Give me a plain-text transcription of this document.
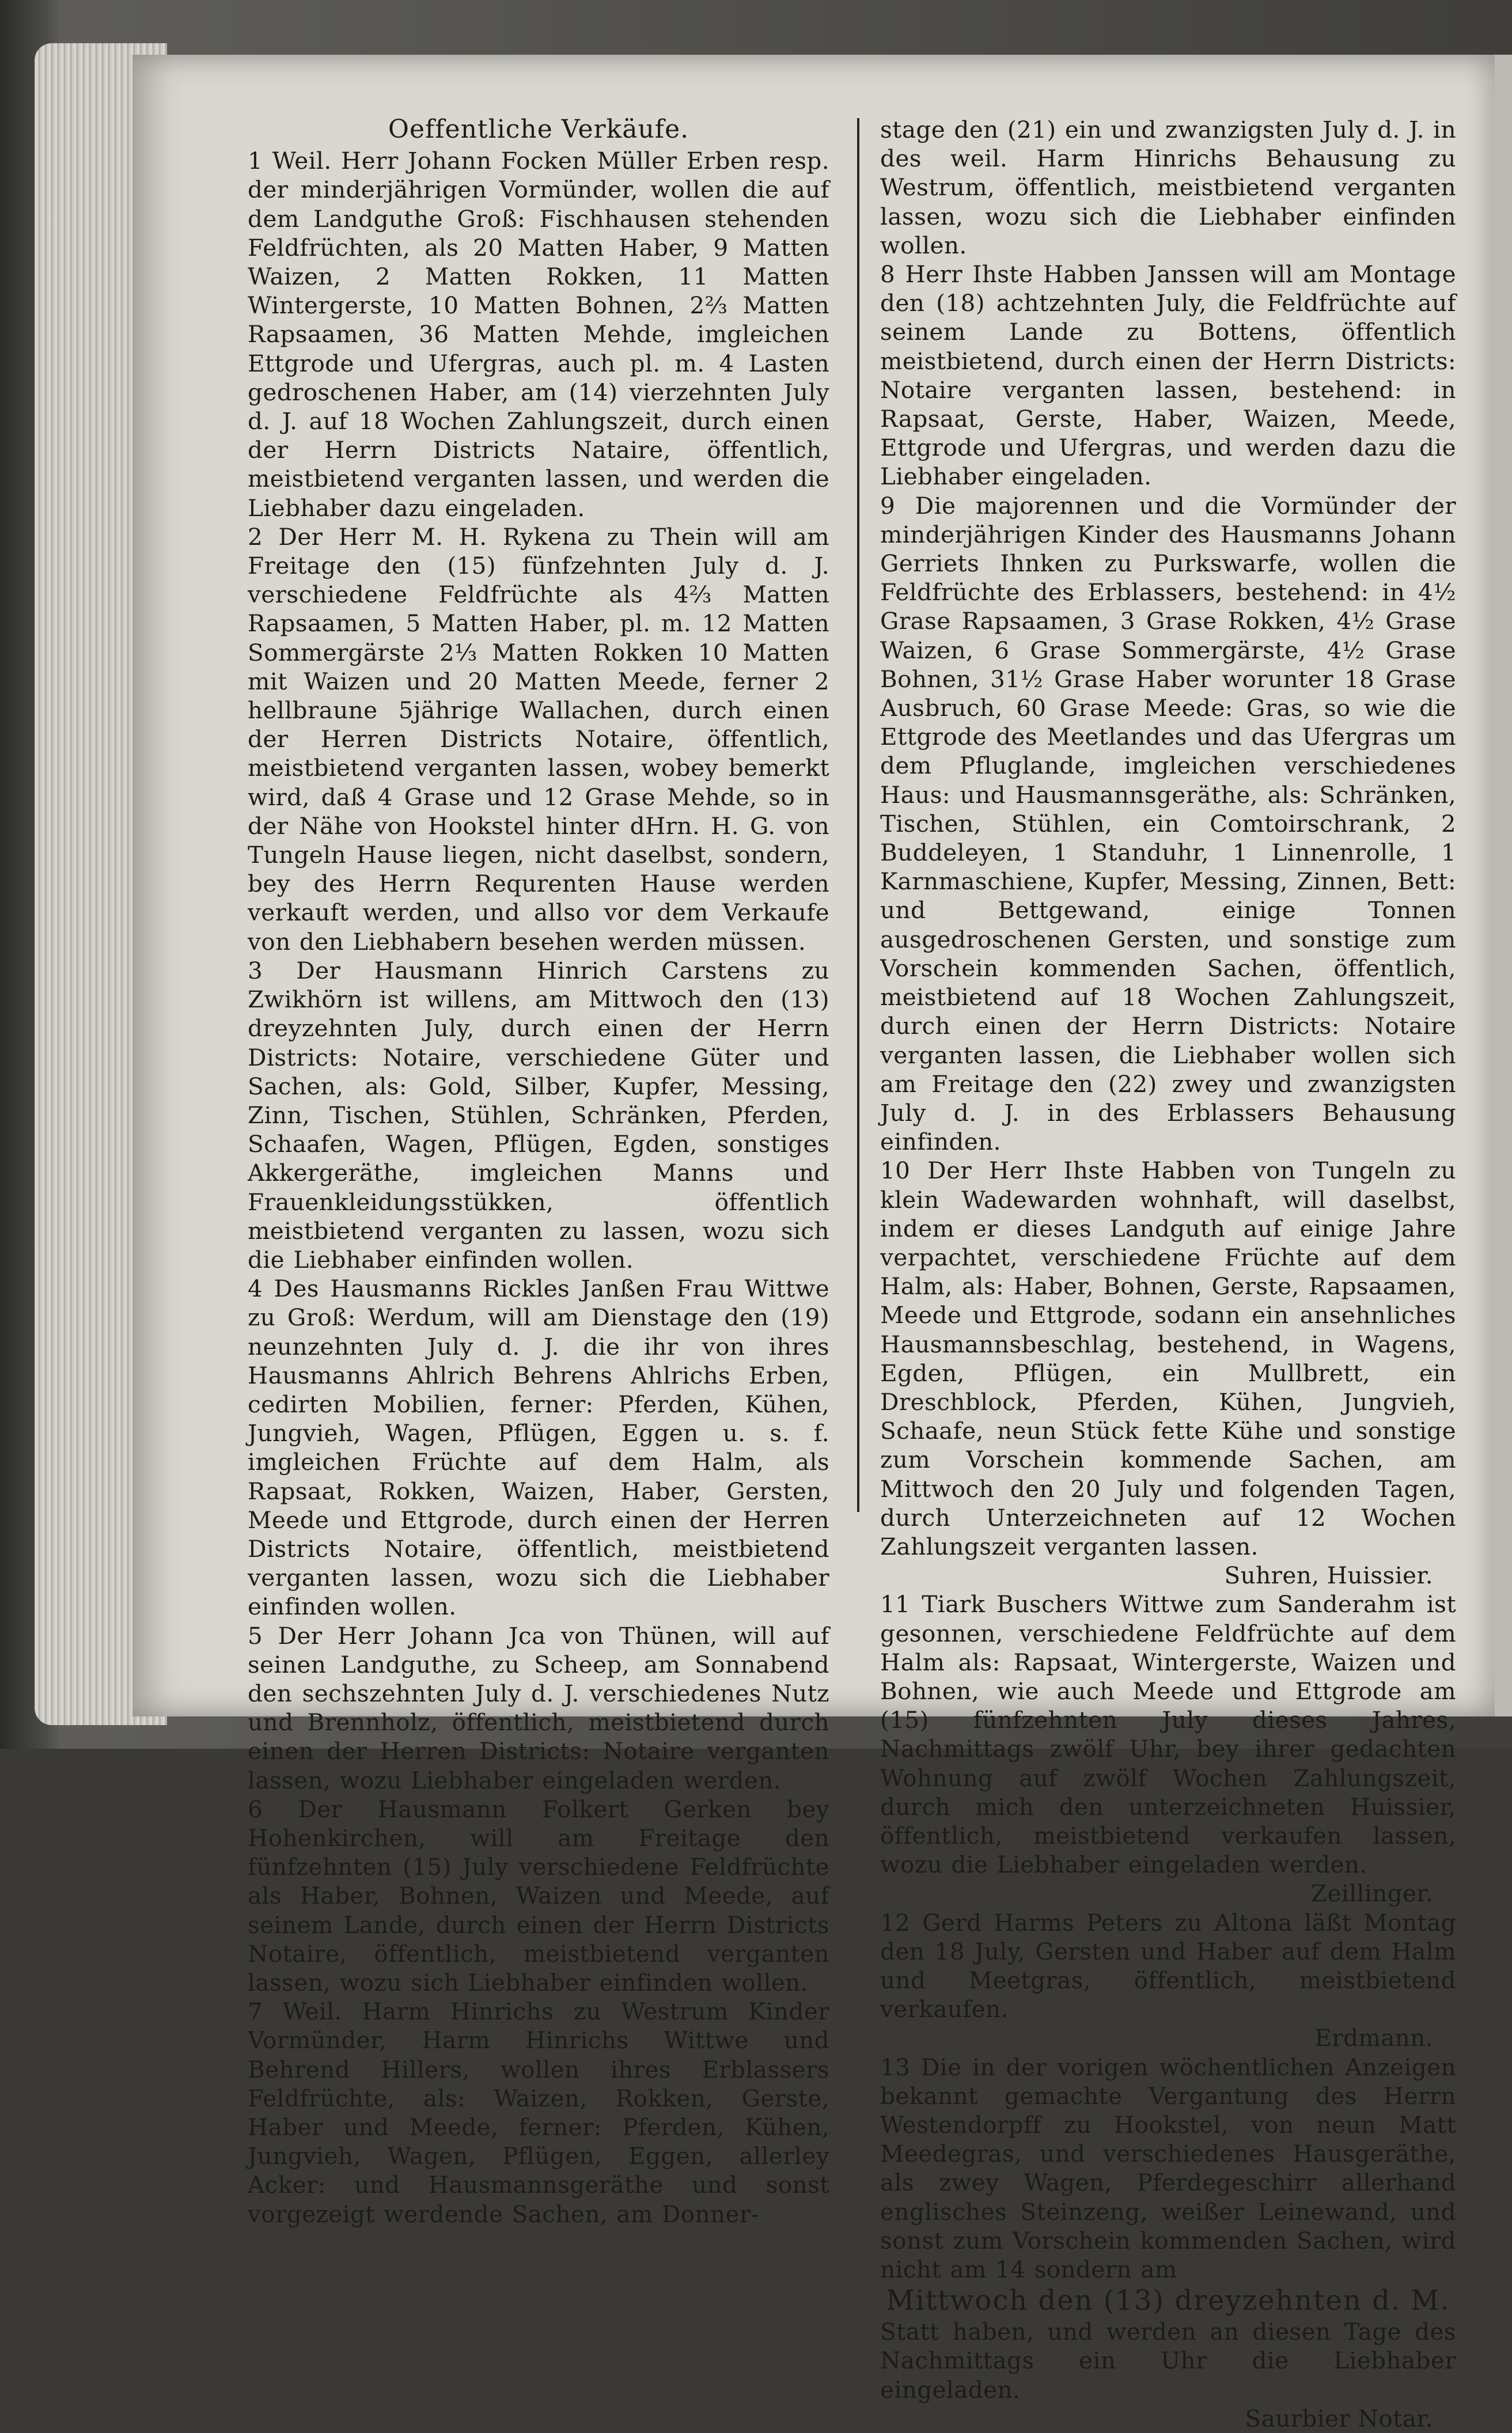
Oeffentliche Verkäufe.

1 Weil. Herr Johann Focken Müller Erben resp. der minderjährigen Vormünder, wollen die auf dem Landguthe Groß: Fischhausen stehenden Feldfrüchten, als 20 Matten Haber, 9 Matten Waizen, 2 Matten Rokken, 11 Matten Wintergerste, 10 Matten Bohnen, 2⅔ Matten Rapsaamen, 36 Matten Mehde, imgleichen Ettgrode und Ufergras, auch pl. m. 4 Lasten gedroschenen Haber, am (14) vierzehnten July d. J. auf 18 Wochen Zahlungszeit, durch einen der Herrn Districts Nataire, öffentlich, meistbietend verganten lassen, und werden die Liebhaber dazu eingeladen.

2 Der Herr M. H. Rykena zu Thein will am Freitage den (15) fünfzehnten July d. J. verschiedene Feldfrüchte als 4⅔ Matten Rapsaamen, 5 Matten Haber, pl. m. 12 Matten Sommergärste 2⅓ Matten Rokken 10 Matten mit Waizen und 20 Matten Meede, ferner 2 hellbraune 5jährige Wallachen, durch einen der Herren Districts Notaire, öffentlich, meistbietend verganten lassen, wobey bemerkt wird, daß 4 Grase und 12 Grase Mehde, so in der Nähe von Hookstel hinter dHrn. H. G. von Tungeln Hause liegen, nicht daselbst, sondern, bey des Herrn Requrenten Hause werden verkauft werden, und allso vor dem Verkaufe von den Liebhabern besehen werden müssen.

3 Der Hausmann Hinrich Carstens zu Zwikhörn ist willens, am Mittwoch den (13) dreyzehnten July, durch einen der Herrn Districts: Notaire, verschiedene Güter und Sachen, als: Gold, Silber, Kupfer, Messing, Zinn, Tischen, Stühlen, Schränken, Pferden, Schaafen, Wagen, Pflügen, Egden, sonstiges Akkergeräthe, imgleichen Manns und Frauenkleidungsstükken, öffentlich meistbietend verganten zu lassen, wozu sich die Liebhaber einfinden wollen.

4 Des Hausmanns Rickles Janßen Frau Wittwe zu Groß: Werdum, will am Dienstage den (19) neunzehnten July d. J. die ihr von ihres Hausmanns Ahlrich Behrens Ahlrichs Erben, cedirten Mobilien, ferner: Pferden, Kühen, Jungvieh, Wagen, Pflügen, Eggen u. s. f. imgleichen Früchte auf dem Halm, als Rapsaat, Rokken, Waizen, Haber, Gersten, Meede und Ettgrode, durch einen der Herren Districts Notaire, öffentlich, meistbietend verganten lassen, wozu sich die Liebhaber einfinden wollen.

5 Der Herr Johann Jca von Thünen, will auf seinen Landguthe, zu Scheep, am Sonnabend den sechszehnten July d. J. verschiedenes Nutz und Brennholz, öffentlich, meistbietend durch einen der Herren Districts: Notaire verganten lassen, wozu Liebhaber eingeladen werden.

6 Der Hausmann Folkert Gerken bey Hohenkirchen, will am Freitage den fünfzehnten (15) July verschiedene Feldfrüchte als Haber, Bohnen, Waizen und Meede, auf seinem Lande, durch einen der Herrn Districts Notaire, öffentlich, meistbietend verganten lassen, wozu sich Liebhaber einfinden wollen.

7 Weil. Harm Hinrichs zu Westrum Kinder Vormünder, Harm Hinrichs Wittwe und Behrend Hillers, wollen ihres Erblassers Feldfrüchte, als: Waizen, Rokken, Gerste, Haber und Meede, ferner: Pferden, Kühen, Jungvieh, Wagen, Pflügen, Eggen, allerley Acker: und Hausmannsgeräthe und sonst vorgezeigt werdende Sachen, am Donner-

stage den (21) ein und zwanzigsten July d. J. in des weil. Harm Hinrichs Behausung zu Westrum, öffentlich, meistbietend verganten lassen, wozu sich die Liebhaber einfinden wollen.

8 Herr Ihste Habben Janssen will am Montage den (18) achtzehnten July, die Feldfrüchte auf seinem Lande zu Bottens, öffentlich meistbietend, durch einen der Herrn Districts: Notaire verganten lassen, bestehend: in Rapsaat, Gerste, Haber, Waizen, Meede, Ettgrode und Ufergras, und werden dazu die Liebhaber eingeladen.

9 Die majorennen und die Vormünder der minderjährigen Kinder des Hausmanns Johann Gerriets Ihnken zu Purkswarfe, wollen die Feldfrüchte des Erblassers, bestehend: in 4½ Grase Rapsaamen, 3 Grase Rokken, 4½ Grase Waizen, 6 Grase Sommergärste, 4½ Grase Bohnen, 31½ Grase Haber worunter 18 Grase Ausbruch, 60 Grase Meede: Gras, so wie die Ettgrode des Meetlandes und das Ufergras um dem Pfluglande, imgleichen verschiedenes Haus: und Hausmannsgeräthe, als: Schränken, Tischen, Stühlen, ein Comtoirschrank, 2 Buddeleyen, 1 Standuhr, 1 Linnenrolle, 1 Karnmaschiene, Kupfer, Messing, Zinnen, Bett: und Bettgewand, einige Tonnen ausgedroschenen Gersten, und sonstige zum Vorschein kommenden Sachen, öffentlich, meistbietend auf 18 Wochen Zahlungszeit, durch einen der Herrn Districts: Notaire verganten lassen, die Liebhaber wollen sich am Freitage den (22) zwey und zwanzigsten July d. J. in des Erblassers Behausung einfinden.

10 Der Herr Ihste Habben von Tungeln zu klein Wadewarden wohnhaft, will daselbst, indem er dieses Landguth auf einige Jahre verpachtet, verschiedene Früchte auf dem Halm, als: Haber, Bohnen, Gerste, Rapsaamen, Meede und Ettgrode, sodann ein ansehnliches Hausmannsbeschlag, bestehend, in Wagens, Egden, Pflügen, ein Mullbrett, ein Dreschblock, Pferden, Kühen, Jungvieh, Schaafe, neun Stück fette Kühe und sonstige zum Vorschein kommende Sachen, am Mittwoch den 20 July und folgenden Tagen, durch Unterzeichneten auf 12 Wochen Zahlungszeit verganten lassen.

Suhren, Huissier.

11 Tiark Buschers Wittwe zum Sanderahm ist gesonnen, verschiedene Feldfrüchte auf dem Halm als: Rapsaat, Wintergerste, Waizen und Bohnen, wie auch Meede und Ettgrode am (15) fünfzehnten July dieses Jahres, Nachmittags zwölf Uhr, bey ihrer gedachten Wohnung auf zwölf Wochen Zahlungszeit, durch mich den unterzeichneten Huissier, öffentlich, meistbietend verkaufen lassen, wozu die Liebhaber eingeladen werden.

Zeillinger.

12 Gerd Harms Peters zu Altona läßt Montag den 18 July, Gersten und Haber auf dem Halm und Meetgras, öffentlich, meistbietend verkaufen.

Erdmann.

13 Die in der vorigen wöchentlichen Anzeigen bekannt gemachte Vergantung des Herrn Westendorpff zu Hookstel, von neun Matt Meedegras, und verschiedenes Hausgeräthe, als zwey Wagen, Pferdegeschirr allerhand englisches Steinzeng, weißer Leinewand, und sonst zum Vorschein kommenden Sachen, wird nicht am 14 sondern am

Mittwoch den (13) dreyzehnten d. M.

Statt haben, und werden an diesen Tage des Nachmittags ein Uhr die Liebhaber eingeladen.

Saurbier Notar.
